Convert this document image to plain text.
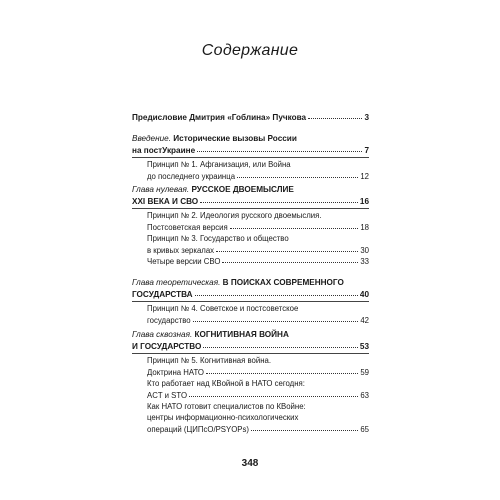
Содержание
Предисловие Дмитрия «Гоблина» Пучкова	3
Введение. Исторические вызовы России
на постУкраине	7
Принцип № 1. Афганизация, или Война
до последнего украинца	12
Глава нулевая. РУССКОЕ ДВОЕМЫСЛИЕ
XXI ВЕКА И СВО	16
Принцип № 2. Идеология русского двоемыслия.
Постсоветская версия	18
Принцип № 3. Государство и общество
в кривых зеркалах	30
Четыре версии СВО	33
Глава теоретическая. В ПОИСКАХ СОВРЕМЕННОГО
ГОСУДАРСТВА	40
Принцип № 4. Советское и постсоветское
государство	42
Глава сквозная. КОГНИТИВНАЯ ВОЙНА
И ГОСУДАРСТВО	53
Принцип № 5. Когнитивная война.
Доктрина НАТО	59
Кто работает над КВойной в НАТО сегодня:
ACT и STO	63
Как НАТО готовит специалистов по КВойне:
центры информационно-психологических
операций (ЦИПсО/PSYOPs)	65
348
